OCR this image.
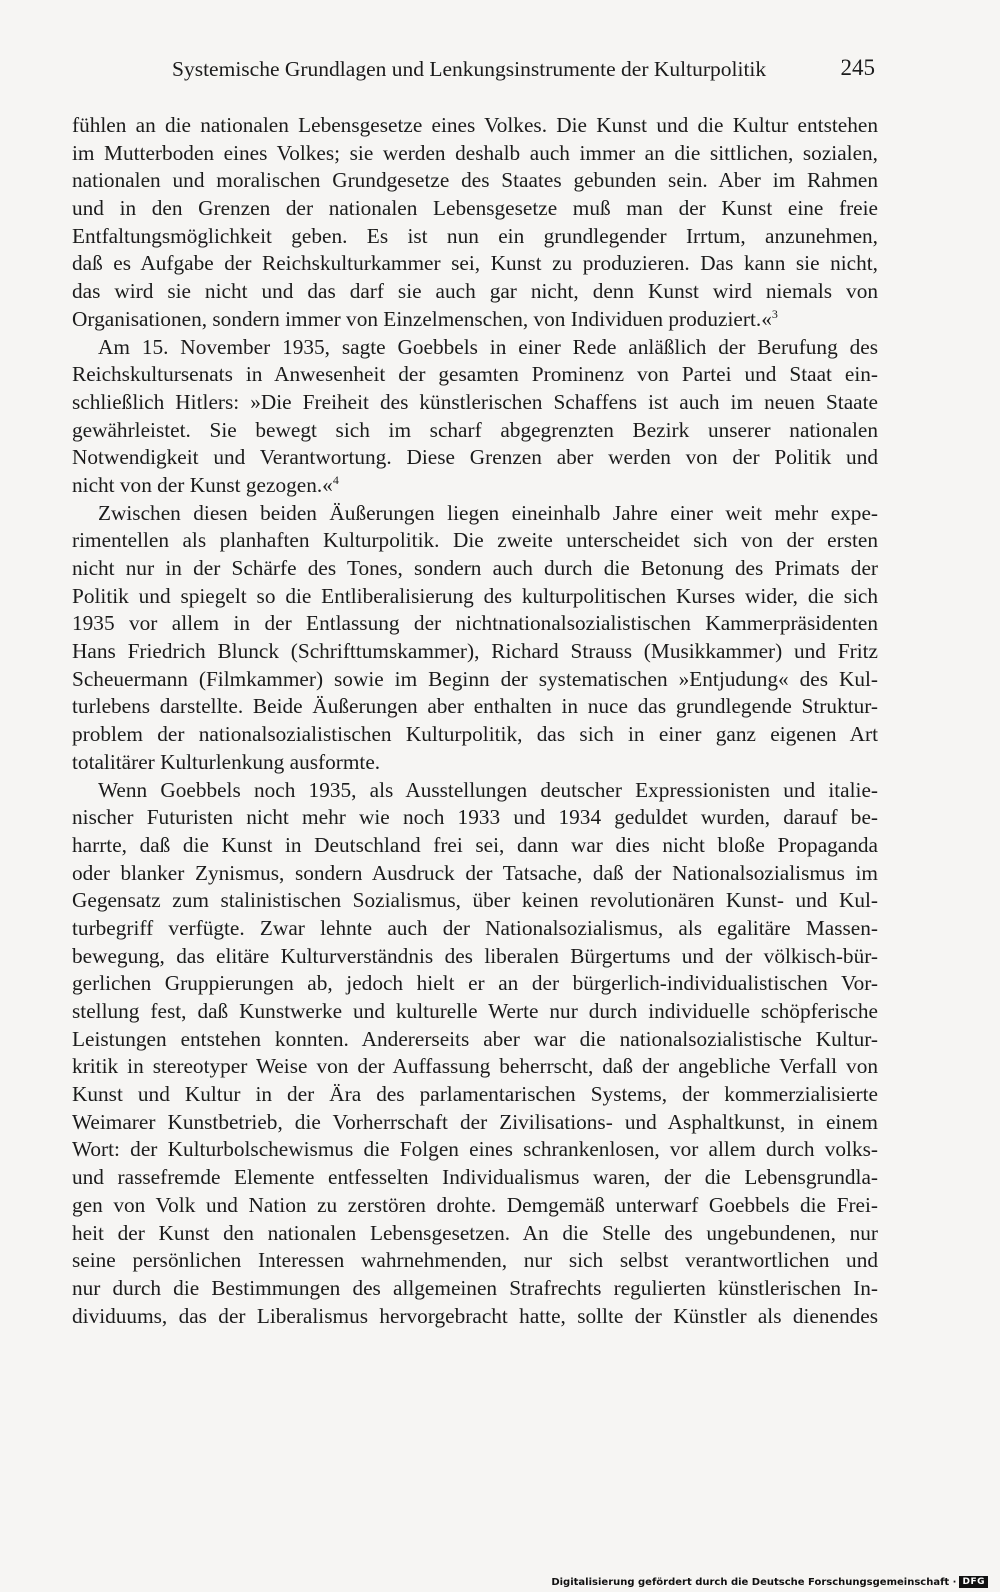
Systemische Grundlagen und Lenkungsinstrumente der Kulturpolitik	245
fühlen an die nationalen Lebensgesetze eines Volkes. Die Kunst und die Kultur entstehen
im Mutterboden eines Volkes; sie werden deshalb auch immer an die sittlichen, sozialen,
nationalen und moralischen Grundgesetze des Staates gebunden sein. Aber im Rahmen
und in den Grenzen der nationalen Lebensgesetze muß man der Kunst eine freie
Entfaltungsmöglichkeit geben. Es ist nun ein grundlegender Irrtum, anzunehmen,
daß es Aufgabe der Reichskulturkammer sei, Kunst zu produzieren. Das kann sie nicht,
das wird sie nicht und das darf sie auch gar nicht, denn Kunst wird niemals von
Organisationen, sondern immer von Einzelmenschen, von Individuen produziert.«$^3$
Am 15. November 1935, sagte Goebbels in einer Rede anläßlich der Berufung des
Reichskultursenats in Anwesenheit der gesamten Prominenz von Partei und Staat ein-
schließlich Hitlers: »Die Freiheit des künstlerischen Schaffens ist auch im neuen Staate
gewährleistet. Sie bewegt sich im scharf abgegrenzten Bezirk unserer nationalen
Notwendigkeit und Verantwortung. Diese Grenzen aber werden von der Politik und
nicht von der Kunst gezogen.«$^4$
Zwischen diesen beiden Äußerungen liegen eineinhalb Jahre einer weit mehr expe-
rimentellen als planhaften Kulturpolitik. Die zweite unterscheidet sich von der ersten
nicht nur in der Schärfe des Tones, sondern auch durch die Betonung des Primats der
Politik und spiegelt so die Entliberalisierung des kulturpolitischen Kurses wider, die sich
1935 vor allem in der Entlassung der nichtnationalsozialistischen Kammerpräsidenten
Hans Friedrich Blunck (Schrifttumskammer), Richard Strauss (Musikkammer) und Fritz
Scheuermann (Filmkammer) sowie im Beginn der systematischen »Entjudung« des Kul-
turlebens darstellte. Beide Äußerungen aber enthalten in nuce das grundlegende Struktur-
problem der nationalsozialistischen Kulturpolitik, das sich in einer ganz eigenen Art
totalitärer Kulturlenkung ausformte.
Wenn Goebbels noch 1935, als Ausstellungen deutscher Expressionisten und italie-
nischer Futuristen nicht mehr wie noch 1933 und 1934 geduldet wurden, darauf be-
harrte, daß die Kunst in Deutschland frei sei, dann war dies nicht bloße Propaganda
oder blanker Zynismus, sondern Ausdruck der Tatsache, daß der Nationalsozialismus im
Gegensatz zum stalinistischen Sozialismus, über keinen revolutionären Kunst- und Kul-
turbegriff verfügte. Zwar lehnte auch der Nationalsozialismus, als egalitäre Massen-
bewegung, das elitäre Kulturverständnis des liberalen Bürgertums und der völkisch-bür-
gerlichen Gruppierungen ab, jedoch hielt er an der bürgerlich-individualistischen Vor-
stellung fest, daß Kunstwerke und kulturelle Werte nur durch individuelle schöpferische
Leistungen entstehen konnten. Andererseits aber war die nationalsozialistische Kultur-
kritik in stereotyper Weise von der Auffassung beherrscht, daß der angebliche Verfall von
Kunst und Kultur in der Ära des parlamentarischen Systems, der kommerzialisierte
Weimarer Kunstbetrieb, die Vorherrschaft der Zivilisations- und Asphaltkunst, in einem
Wort: der Kulturbolschewismus die Folgen eines schrankenlosen, vor allem durch volks-
und rassefremde Elemente entfesselten Individualismus waren, der die Lebensgrundla-
gen von Volk und Nation zu zerstören drohte. Demgemäß unterwarf Goebbels die Frei-
heit der Kunst den nationalen Lebensgesetzen. An die Stelle des ungebundenen, nur
seine persönlichen Interessen wahrnehmenden, nur sich selbst verantwortlichen und
nur durch die Bestimmungen des allgemeinen Strafrechts regulierten künstlerischen In-
dividuums, das der Liberalismus hervorgebracht hatte, sollte der Künstler als dienendes
Digitalisierung gefördert durch die Deutsche Forschungsgemeinschaft · DFG
